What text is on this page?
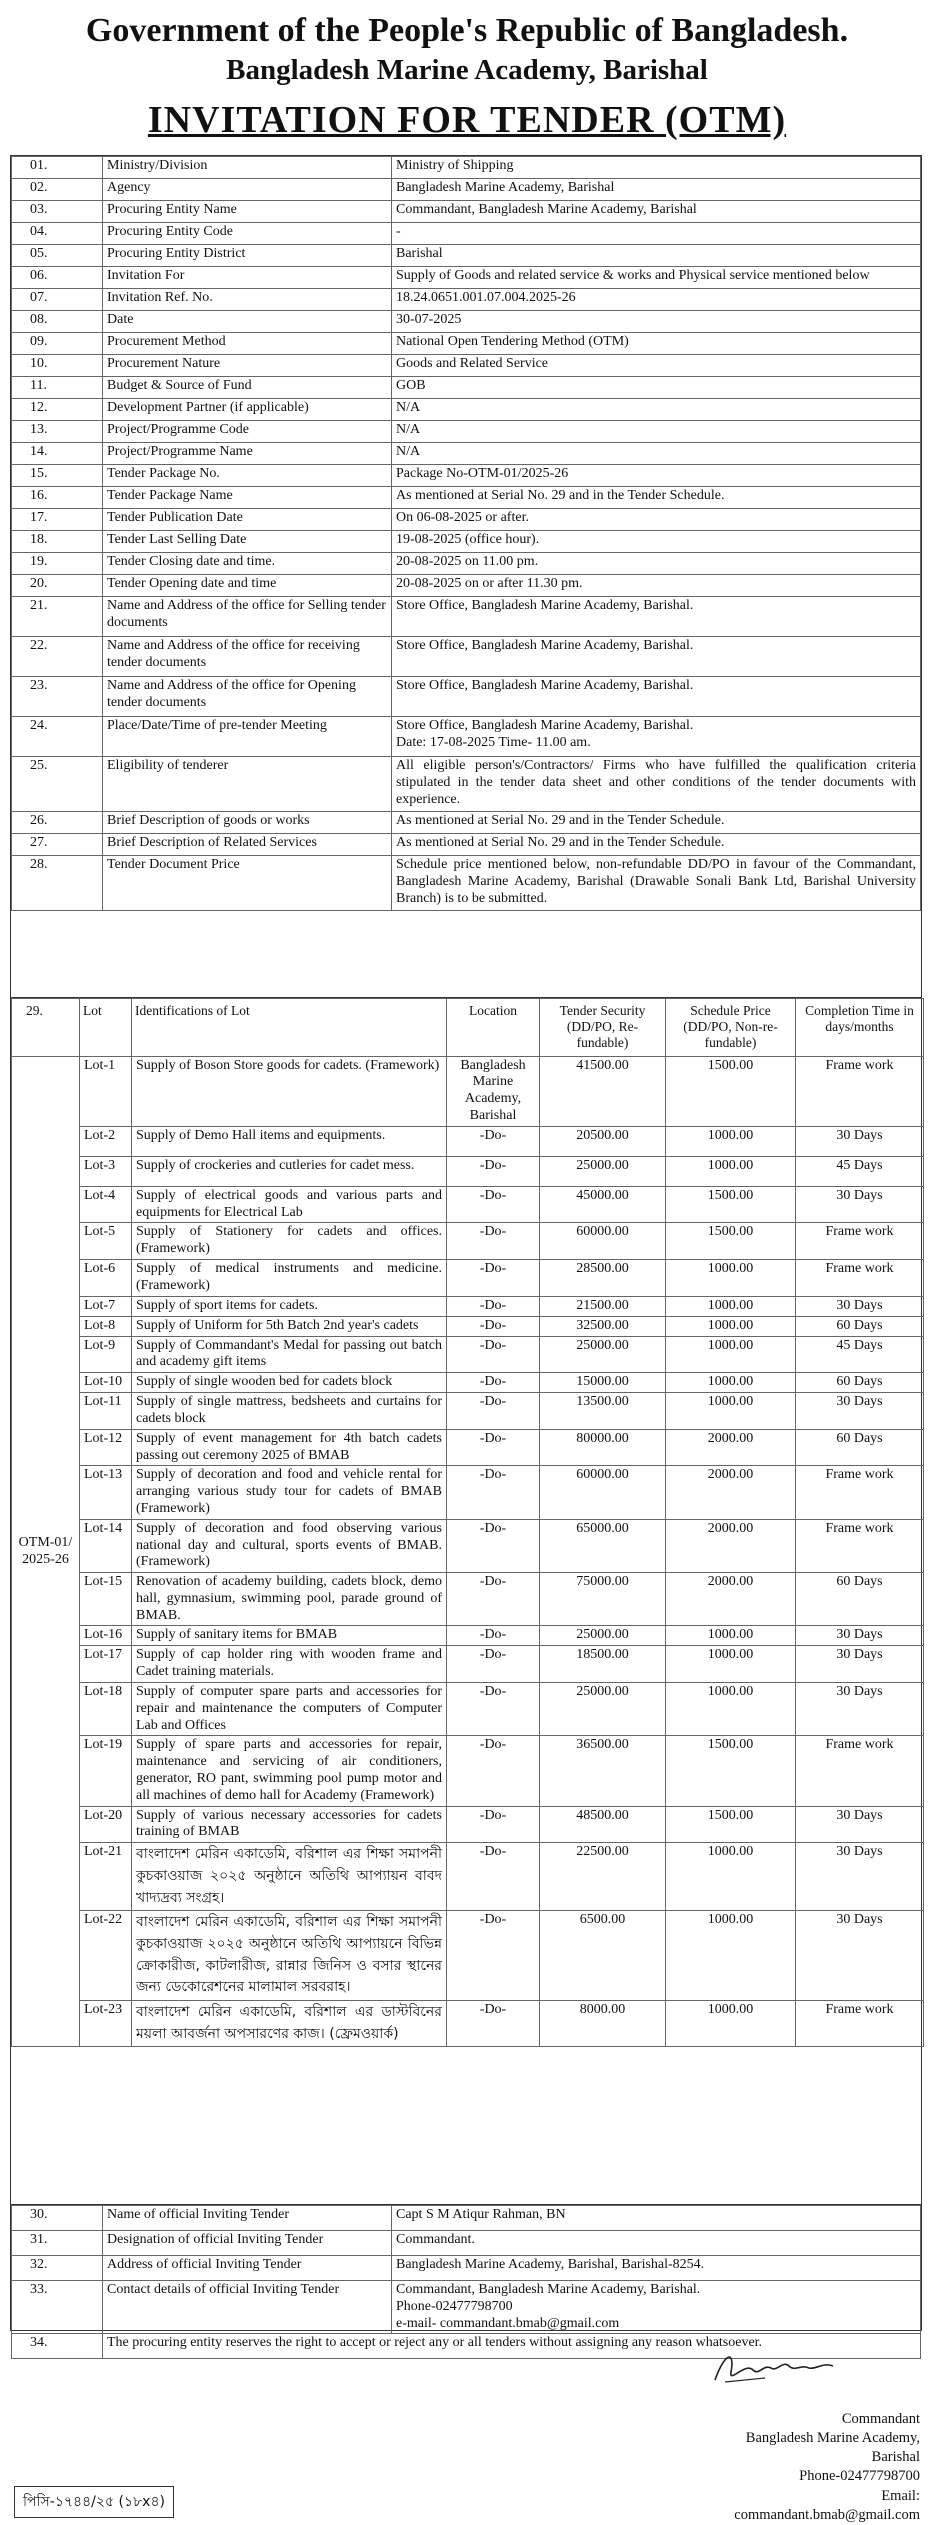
Government of the People's Republic of Bangladesh.
Bangladesh Marine Academy, Barishal
INVITATION FOR TENDER (OTM)
01.	Ministry/Division	Ministry of Shipping

02.	Agency	Bangladesh Marine Academy, Barishal

03.	Procuring Entity Name	Commandant, Bangladesh Marine Academy, Barishal

04.	Procuring Entity Code	-

05.	Procuring Entity District	Barishal

06.	Invitation For	Supply of Goods and related service & works and Physical service mentioned below

07.	Invitation Ref. No.	18.24.0651.001.07.004.2025-26

08.	Date	30-07-2025

09.	Procurement Method	National Open Tendering Method (OTM)

10.	Procurement Nature	Goods and Related Service

11.	Budget & Source of Fund	GOB

12.	Development Partner (if applicable)	N/A

13.	Project/Programme Code	N/A

14.	Project/Programme Name	N/A

15.	Tender Package No.	Package No-OTM-01/2025-26

16.	Tender Package Name	As mentioned at Serial No. 29 and in the Tender Schedule.

17.	Tender Publication Date	On 06-08-2025 or after.

18.	Tender Last Selling Date	19-08-2025 (office hour).

19.	Tender Closing date and time.	20-08-2025 on 11.00 pm.

20.	Tender Opening date and time	20-08-2025 on or after 11.30 pm.

21.	Name and Address of the office for Selling tender documents	Store Office, Bangladesh Marine Academy, Barishal.

22.	Name and Address of the office for receiving tender documents	Store Office, Bangladesh Marine Academy, Barishal.

23.	Name and Address of the office for Opening tender documents	Store Office, Bangladesh Marine Academy, Barishal.

24.	Place/Date/Time of pre-tender Meeting	Store Office, Bangladesh Marine Academy, Barishal.
Date: 17-08-2025 Time- 11.00 am.

25.	Eligibility of tenderer	All eligible person's/Contractors/ Firms who have fulfilled the qualification criteria stipulated in the tender data sheet and other conditions of the tender documents with experience.

26.	Brief Description of goods or works	As mentioned at Serial No. 29 and in the Tender Schedule.

27.	Brief Description of Related Services	As mentioned at Serial No. 29 and in the Tender Schedule.

28.	Tender Document Price	Schedule price mentioned below, non-refundable DD/PO in favour of the Commandant, Bangladesh Marine Academy, Barishal (Drawable Sonali Bank Ltd, Barishal University Branch) is to be submitted.
29.	Lot	Identifications of Lot	Location	Tender Security (DD/PO, Re-fundable)	Schedule Price (DD/PO, Non-re-fundable)	Completion Time in days/months
OTM-01/ 2025-26	Lot-1	Supply of Boson Store goods for cadets. (Framework)	Bangladesh Marine Academy, Barishal	41500.00	1500.00	Frame work
	Lot-2	Supply of Demo Hall items and equipments.	-Do-	20500.00	1000.00	30 Days
	Lot-3	Supply of crockeries and cutleries for cadet mess.	-Do-	25000.00	1000.00	45 Days
	Lot-4	Supply of electrical goods and various parts and equipments for Electrical Lab	-Do-	45000.00	1500.00	30 Days
	Lot-5	Supply of Stationery for cadets and offices. (Framework)	-Do-	60000.00	1500.00	Frame work
	Lot-6	Supply of medical instruments and medicine. (Framework)	-Do-	28500.00	1000.00	Frame work
	Lot-7	Supply of sport items for cadets.	-Do-	21500.00	1000.00	30 Days
	Lot-8	Supply of Uniform for 5th Batch 2nd year's cadets	-Do-	32500.00	1000.00	60 Days
	Lot-9	Supply of Commandant's Medal for passing out batch and academy gift items	-Do-	25000.00	1000.00	45 Days
	Lot-10	Supply of single wooden bed for cadets block	-Do-	15000.00	1000.00	60 Days
	Lot-11	Supply of single mattress, bedsheets and curtains for cadets block	-Do-	13500.00	1000.00	30 Days
	Lot-12	Supply of event management for 4th batch cadets passing out ceremony 2025 of BMAB	-Do-	80000.00	2000.00	60 Days
	Lot-13	Supply of decoration and food and vehicle rental for arranging various study tour for cadets of BMAB (Framework)	-Do-	60000.00	2000.00	Frame work
	Lot-14	Supply of decoration and food observing various national day and cultural, sports events of BMAB. (Framework)	-Do-	65000.00	2000.00	Frame work
	Lot-15	Renovation of academy building, cadets block, demo hall, gymnasium, swimming pool, parade ground of BMAB.	-Do-	75000.00	2000.00	60 Days
	Lot-16	Supply of sanitary items for BMAB	-Do-	25000.00	1000.00	30 Days
	Lot-17	Supply of cap holder ring with wooden frame and Cadet training materials.	-Do-	18500.00	1000.00	30 Days
	Lot-18	Supply of computer spare parts and accessories for repair and maintenance the computers of Computer Lab and Offices	-Do-	25000.00	1000.00	30 Days
	Lot-19	Supply of spare parts and accessories for repair, maintenance and servicing of air conditioners, generator, RO pant, swimming pool pump motor and all machines of demo hall for Academy (Framework)	-Do-	36500.00	1500.00	Frame work
	Lot-20	Supply of various necessary accessories for cadets training of BMAB	-Do-	48500.00	1500.00	30 Days
	Lot-21	বাংলাদেশ মেরিন একাডেমি, বরিশাল এর শিক্ষা সমাপনী কুচকাওয়াজ ২০২৫ অনুষ্ঠানে অতিথি আপ্যায়ন বাবদ খাদ্যদ্রব্য সংগ্রহ।	-Do-	22500.00	1000.00	30 Days
	Lot-22	বাংলাদেশ মেরিন একাডেমি, বরিশাল এর শিক্ষা সমাপনী কুচকাওয়াজ ২০২৫ অনুষ্ঠানে অতিথি আপ্যায়নে বিভিন্ন ক্রোকারীজ, কাটলারীজ, রান্নার জিনিস ও বসার স্থানের জন্য ডেকোরেশনের মালামাল সরবরাহ।	-Do-	6500.00	1000.00	30 Days
	Lot-23	বাংলাদেশ মেরিন একাডেমি, বরিশাল এর ডাস্টবিনের ময়লা আবর্জনা অপসারণের কাজ। (ফ্রেমওয়ার্ক)	-Do-	8000.00	1000.00	Frame work
30.	Name of official Inviting Tender	Capt S M Atiqur Rahman, BN

31.	Designation of official Inviting Tender	Commandant.

32.	Address of official Inviting Tender	Bangladesh Marine Academy, Barishal, Barishal-8254.

33.	Contact details of official Inviting Tender	Commandant, Bangladesh Marine Academy, Barishal.
Phone-02477798700
e-mail- commandant.bmab@gmail.com

34.	The procuring entity reserves the right to accept or reject any or all tenders without assigning any reason whatsoever.	
Commandant
Bangladesh Marine Academy, Barishal
Phone-02477798700
Email: commandant.bmab@gmail.com
পিসি-১৭৪৪/২৫ (১৮x৪)
